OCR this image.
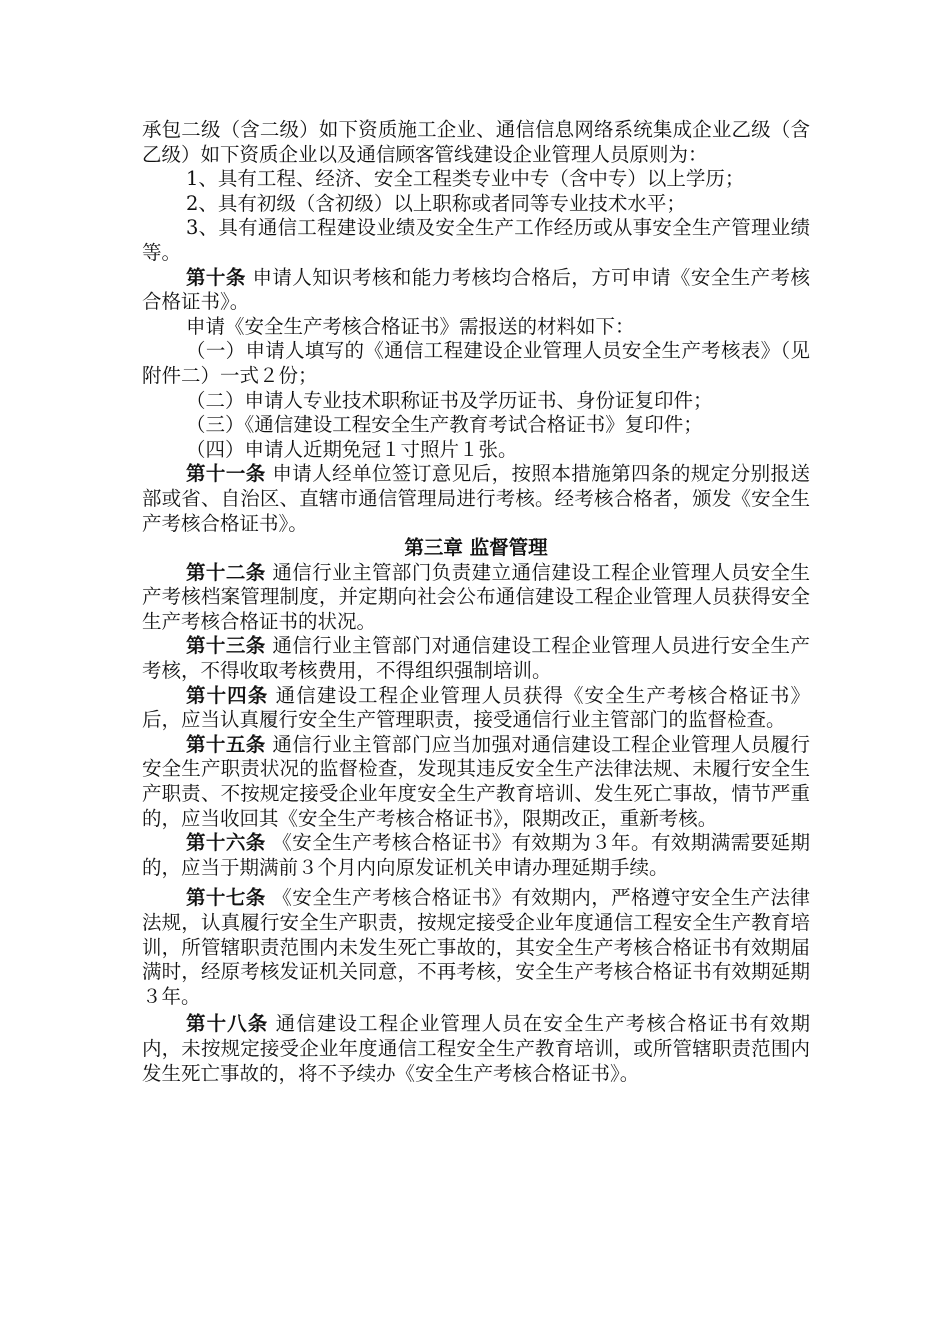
承包二级（含二级）如下资质施工企业、通信信息网络系统集成企业乙级（含乙级）如下资质企业以及通信顾客管线建设企业管理人员原则为：

1、具有工程、经济、安全工程类专业中专（含中专）以上学历；

2、具有初级（含初级）以上职称或者同等专业技术水平；

3、具有通信工程建设业绩及安全生产工作经历或从事安全生产管理业绩等。

第十条 申请人知识考核和能力考核均合格后，方可申请《安全生产考核合格证书》。

申请《安全生产考核合格证书》需报送的材料如下：

（一）申请人填写的《通信工程建设企业管理人员安全生产考核表》（见附件二）一式２份；

（二）申请人专业技术职称证书及学历证书、身份证复印件；

（三）《通信建设工程安全生产教育考试合格证书》复印件；

（四）申请人近期免冠１寸照片１张。

第十一条 申请人经单位签订意见后，按照本措施第四条的规定分别报送部或省、自治区、直辖市通信管理局进行考核。经考核合格者，颁发《安全生产考核合格证书》。

第三章 监督管理

第十二条 通信行业主管部门负责建立通信建设工程企业管理人员安全生产考核档案管理制度，并定期向社会公布通信建设工程企业管理人员获得安全生产考核合格证书的状况。

第十三条 通信行业主管部门对通信建设工程企业管理人员进行安全生产考核，不得收取考核费用，不得组织强制培训。

第十四条 通信建设工程企业管理人员获得《安全生产考核合格证书》后，应当认真履行安全生产管理职责，接受通信行业主管部门的监督检查。

第十五条 通信行业主管部门应当加强对通信建设工程企业管理人员履行安全生产职责状况的监督检查，发现其违反安全生产法律法规、未履行安全生产职责、不按规定接受企业年度安全生产教育培训、发生死亡事故，情节严重的，应当收回其《安全生产考核合格证书》，限期改正，重新考核。

第十六条 《安全生产考核合格证书》有效期为３年。有效期满需要延期的，应当于期满前３个月内向原发证机关申请办理延期手续。

第十七条 《安全生产考核合格证书》有效期内，严格遵守安全生产法律法规，认真履行安全生产职责，按规定接受企业年度通信工程安全生产教育培训，所管辖职责范围内未发生死亡事故的，其安全生产考核合格证书有效期届满时，经原考核发证机关同意，不再考核，安全生产考核合格证书有效期延期３年。

第十八条 通信建设工程企业管理人员在安全生产考核合格证书有效期内，未按规定接受企业年度通信工程安全生产教育培训，或所管辖职责范围内发生死亡事故的，将不予续办《安全生产考核合格证书》。
